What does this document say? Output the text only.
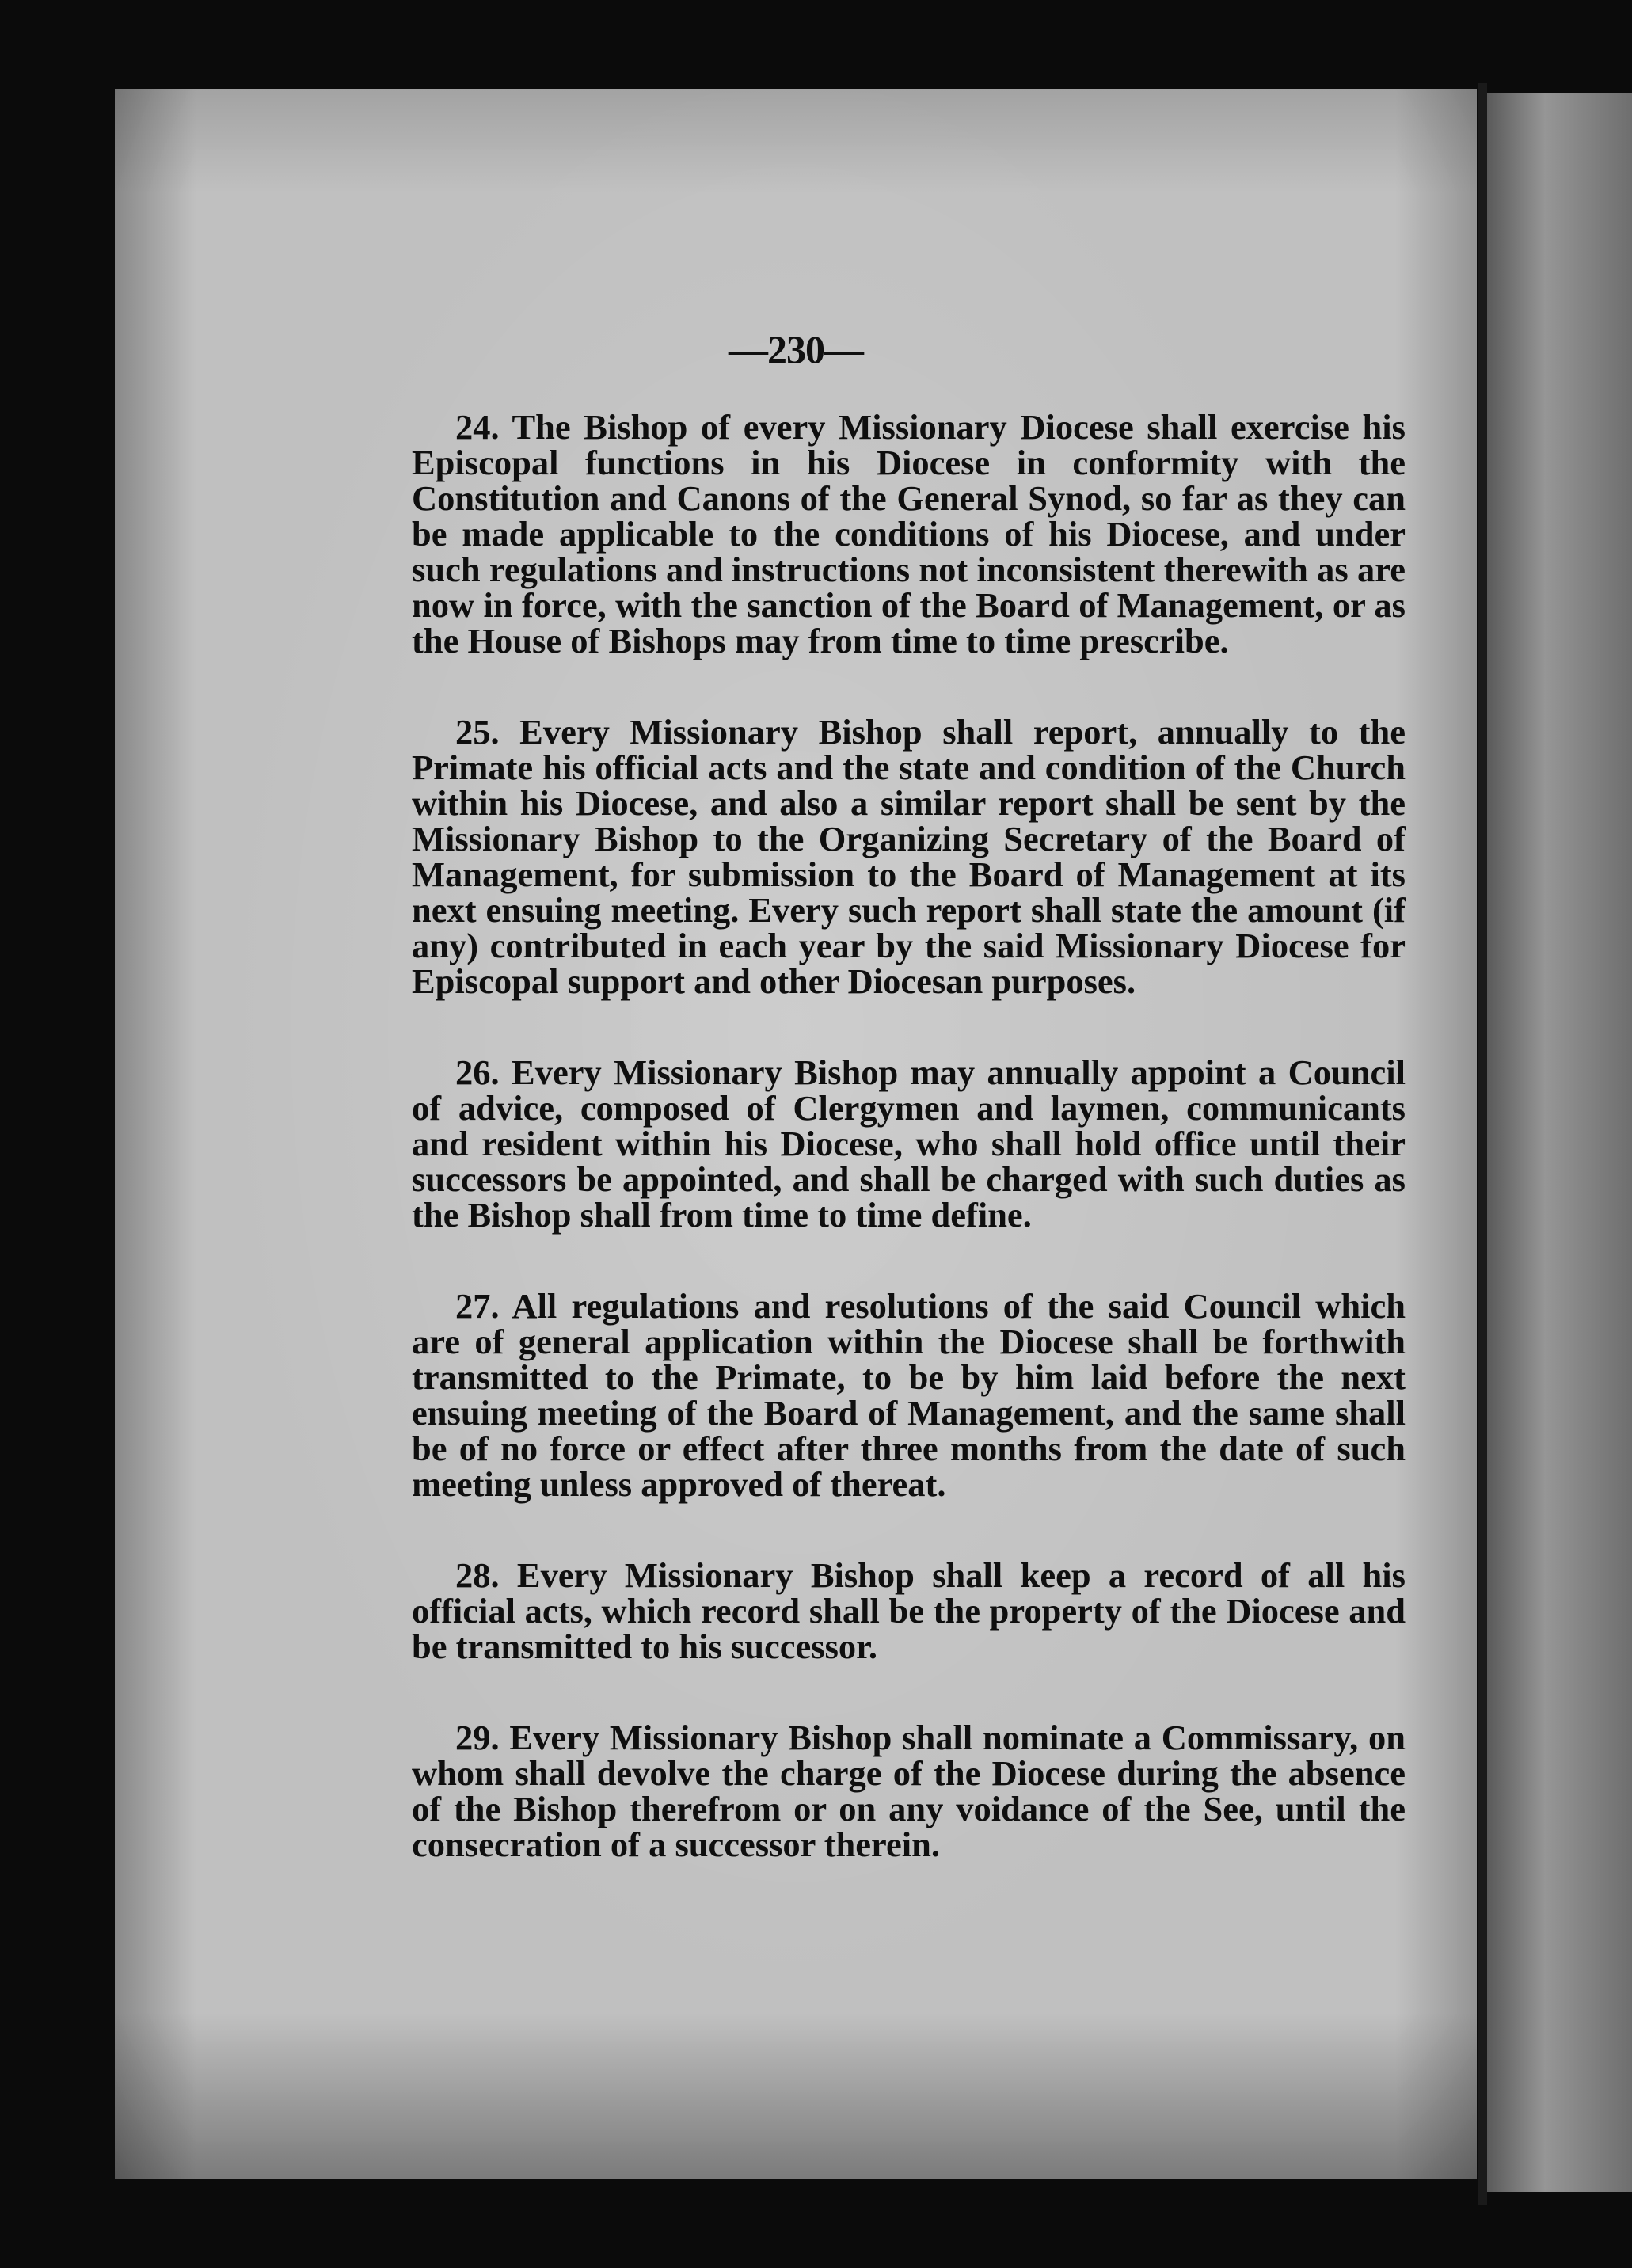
—230—

24. The Bishop of every Missionary Diocese shall exercise his Episcopal functions in his Diocese in conformity with the Constitution and Canons of the General Synod, so far as they can be made applicable to the conditions of his Diocese, and under such regulations and instructions not inconsistent therewith as are now in force, with the sanction of the Board of Management, or as the House of Bishops may from time to time prescribe.

25. Every Missionary Bishop shall report, annually to the Primate his official acts and the state and condition of the Church within his Diocese, and also a similar report shall be sent by the Missionary Bishop to the Organizing Secretary of the Board of Management, for submission to the Board of Management at its next ensuing meeting. Every such report shall state the amount (if any) contributed in each year by the said Missionary Diocese for Episcopal support and other Diocesan purposes.

26. Every Missionary Bishop may annually appoint a Council of advice, composed of Clergymen and laymen, communicants and resident within his Diocese, who shall hold office until their successors be appointed, and shall be charged with such duties as the Bishop shall from time to time define.

27. All regulations and resolutions of the said Council which are of general application within the Diocese shall be forthwith transmitted to the Primate, to be by him laid before the next ensuing meeting of the Board of Management, and the same shall be of no force or effect after three months from the date of such meeting unless approved of thereat.

28. Every Missionary Bishop shall keep a record of all his official acts, which record shall be the property of the Diocese and be transmitted to his successor.

29. Every Missionary Bishop shall nominate a Commissary, on whom shall devolve the charge of the Diocese during the absence of the Bishop therefrom or on any voidance of the See, until the consecration of a successor therein.
